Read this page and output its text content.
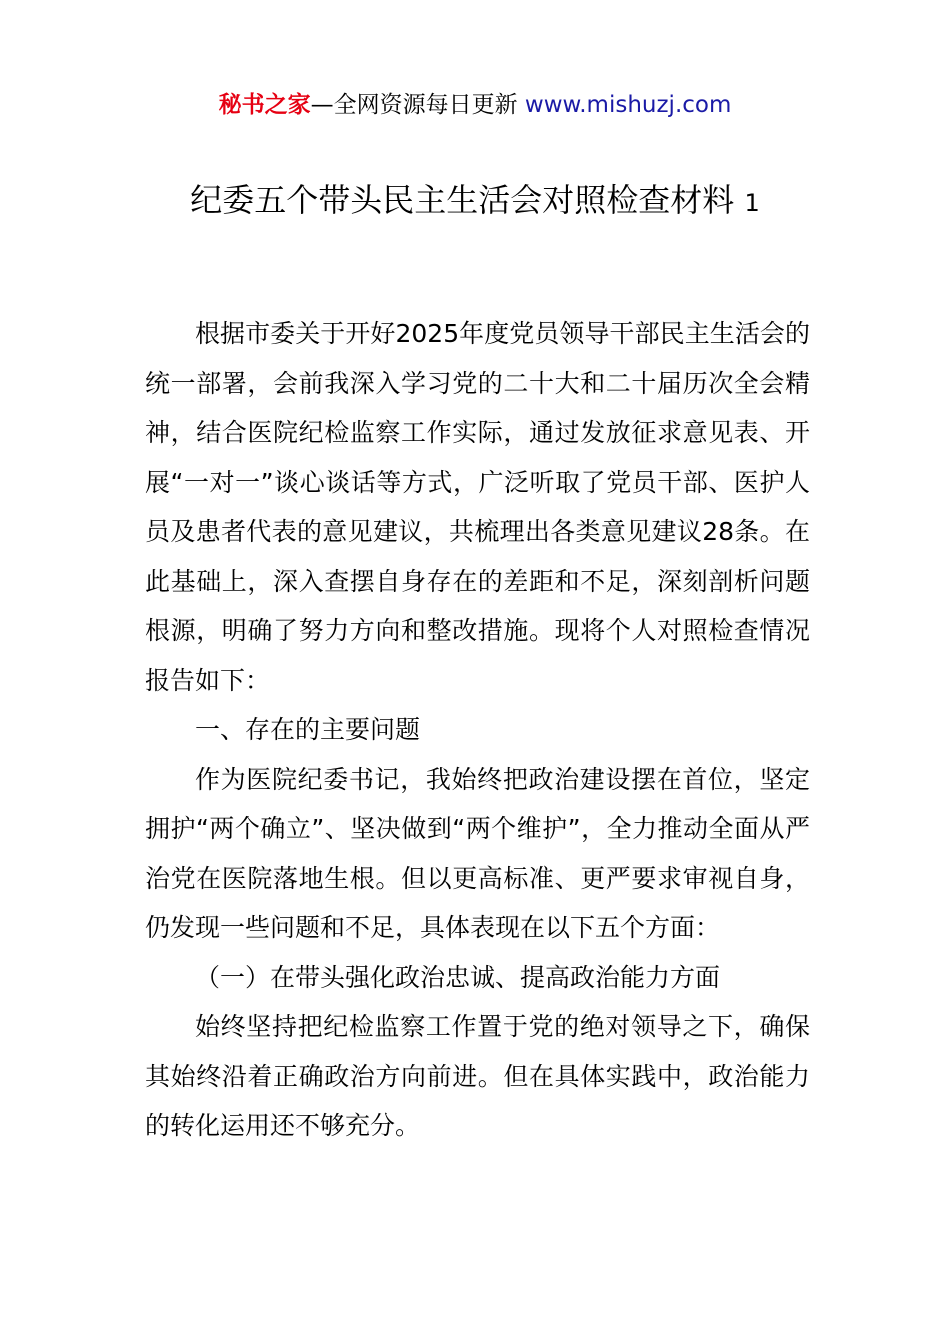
秘书之家—全网资源每日更新 www.mishuzj.com
纪委五个带头民主生活会对照检查材料 1

根据市委关于开好2025年度党员领导干部民主生活会的统一部署，会前我深入学习党的二十大和二十届历次全会精神，结合医院纪检监察工作实际，通过发放征求意见表、开展“一对一”谈心谈话等方式，广泛听取了党员干部、医护人员及患者代表的意见建议，共梳理出各类意见建议28条。在此基础上，深入查摆自身存在的差距和不足，深刻剖析问题根源，明确了努力方向和整改措施。现将个人对照检查情况报告如下：

一、存在的主要问题

作为医院纪委书记，我始终把政治建设摆在首位，坚定拥护“两个确立”、坚决做到“两个维护”，全力推动全面从严治党在医院落地生根。但以更高标准、更严要求审视自身，仍发现一些问题和不足，具体表现在以下五个方面：

（一）在带头强化政治忠诚、提高政治能力方面

始终坚持把纪检监察工作置于党的绝对领导之下，确保其始终沿着正确政治方向前进。但在具体实践中，政治能力的转化运用还不够充分。
